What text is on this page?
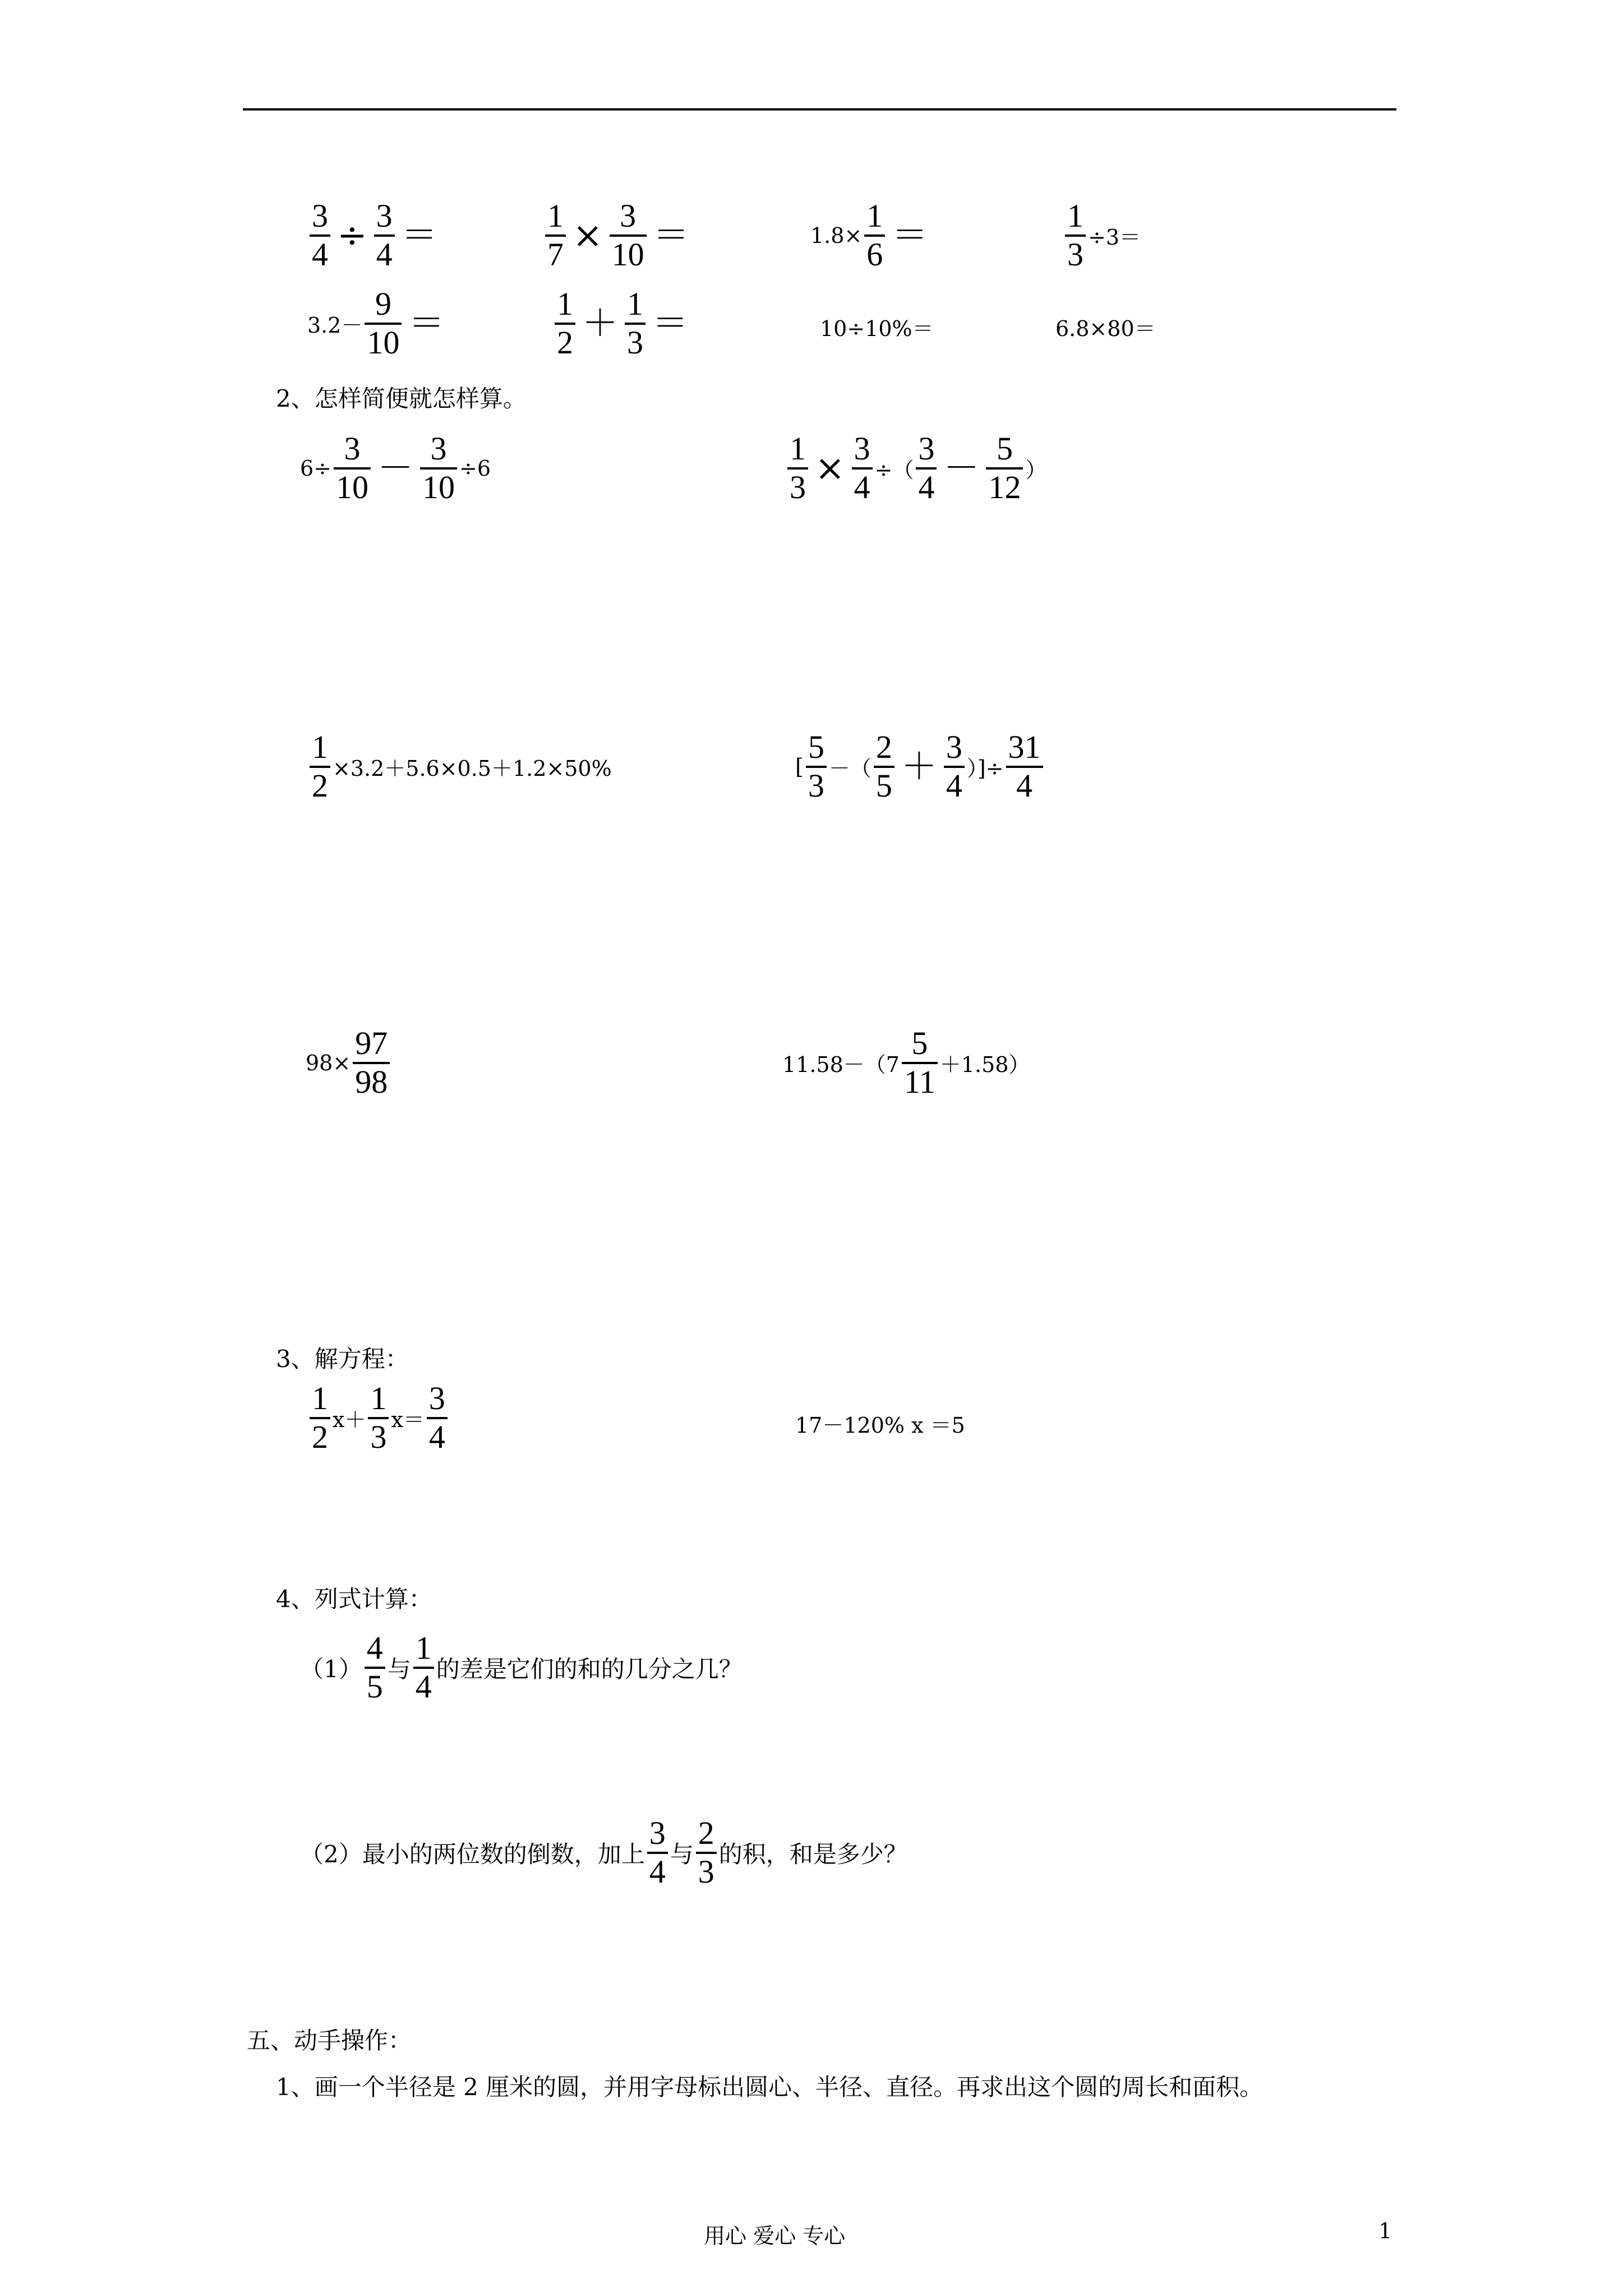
$\frac{3}{4} \div \frac{3}{4}$ ＝	$\frac{1}{7} \times \frac{3}{10}$ ＝	$1.8\times \frac{1}{6}$ ＝	$\frac{1}{3} \div 3=$
$3.2- \frac{9}{10}$ ＝	$\frac{1}{2} + \frac{1}{3}$ ＝	10÷10%＝	6.8×80＝
2、怎样简便就怎样算。
$6\div \frac{3}{10} - \frac{3}{10} \div 6$	$\frac{1}{3} \times \frac{3}{4}$ ÷（ $\frac{3}{4} - \frac{5}{12}$ ）
$\frac{1}{2} \times 3.2+5.6\times 0.5+1.2\times 50\%$	[ $\frac{5}{3}$ －（ $\frac{2}{5} + \frac{3}{4}$ ）]÷ $\frac{31}{4}$
$98\times \frac{97}{98}$	$11.58-(7 \frac{5}{11} +1.58)$
3、解方程：
$\frac{1}{2} x+ \frac{1}{3} x= \frac{3}{4}$	17－120% x ＝5
4、列式计算：
$(1) \frac{4}{5}$ 与 $\frac{1}{4}$ 的差是它们的和的几分之几？
（2）最小的两位数的倒数，加上 $\frac{3}{4}$ 与 $\frac{2}{3}$ 的积，和是多少？
五、动手操作：
1、画一个半径是 2 厘米的圆，并用字母标出圆心、半径、直径。再求出这个圆的周长和面积。
用心 爱心 专心	1
